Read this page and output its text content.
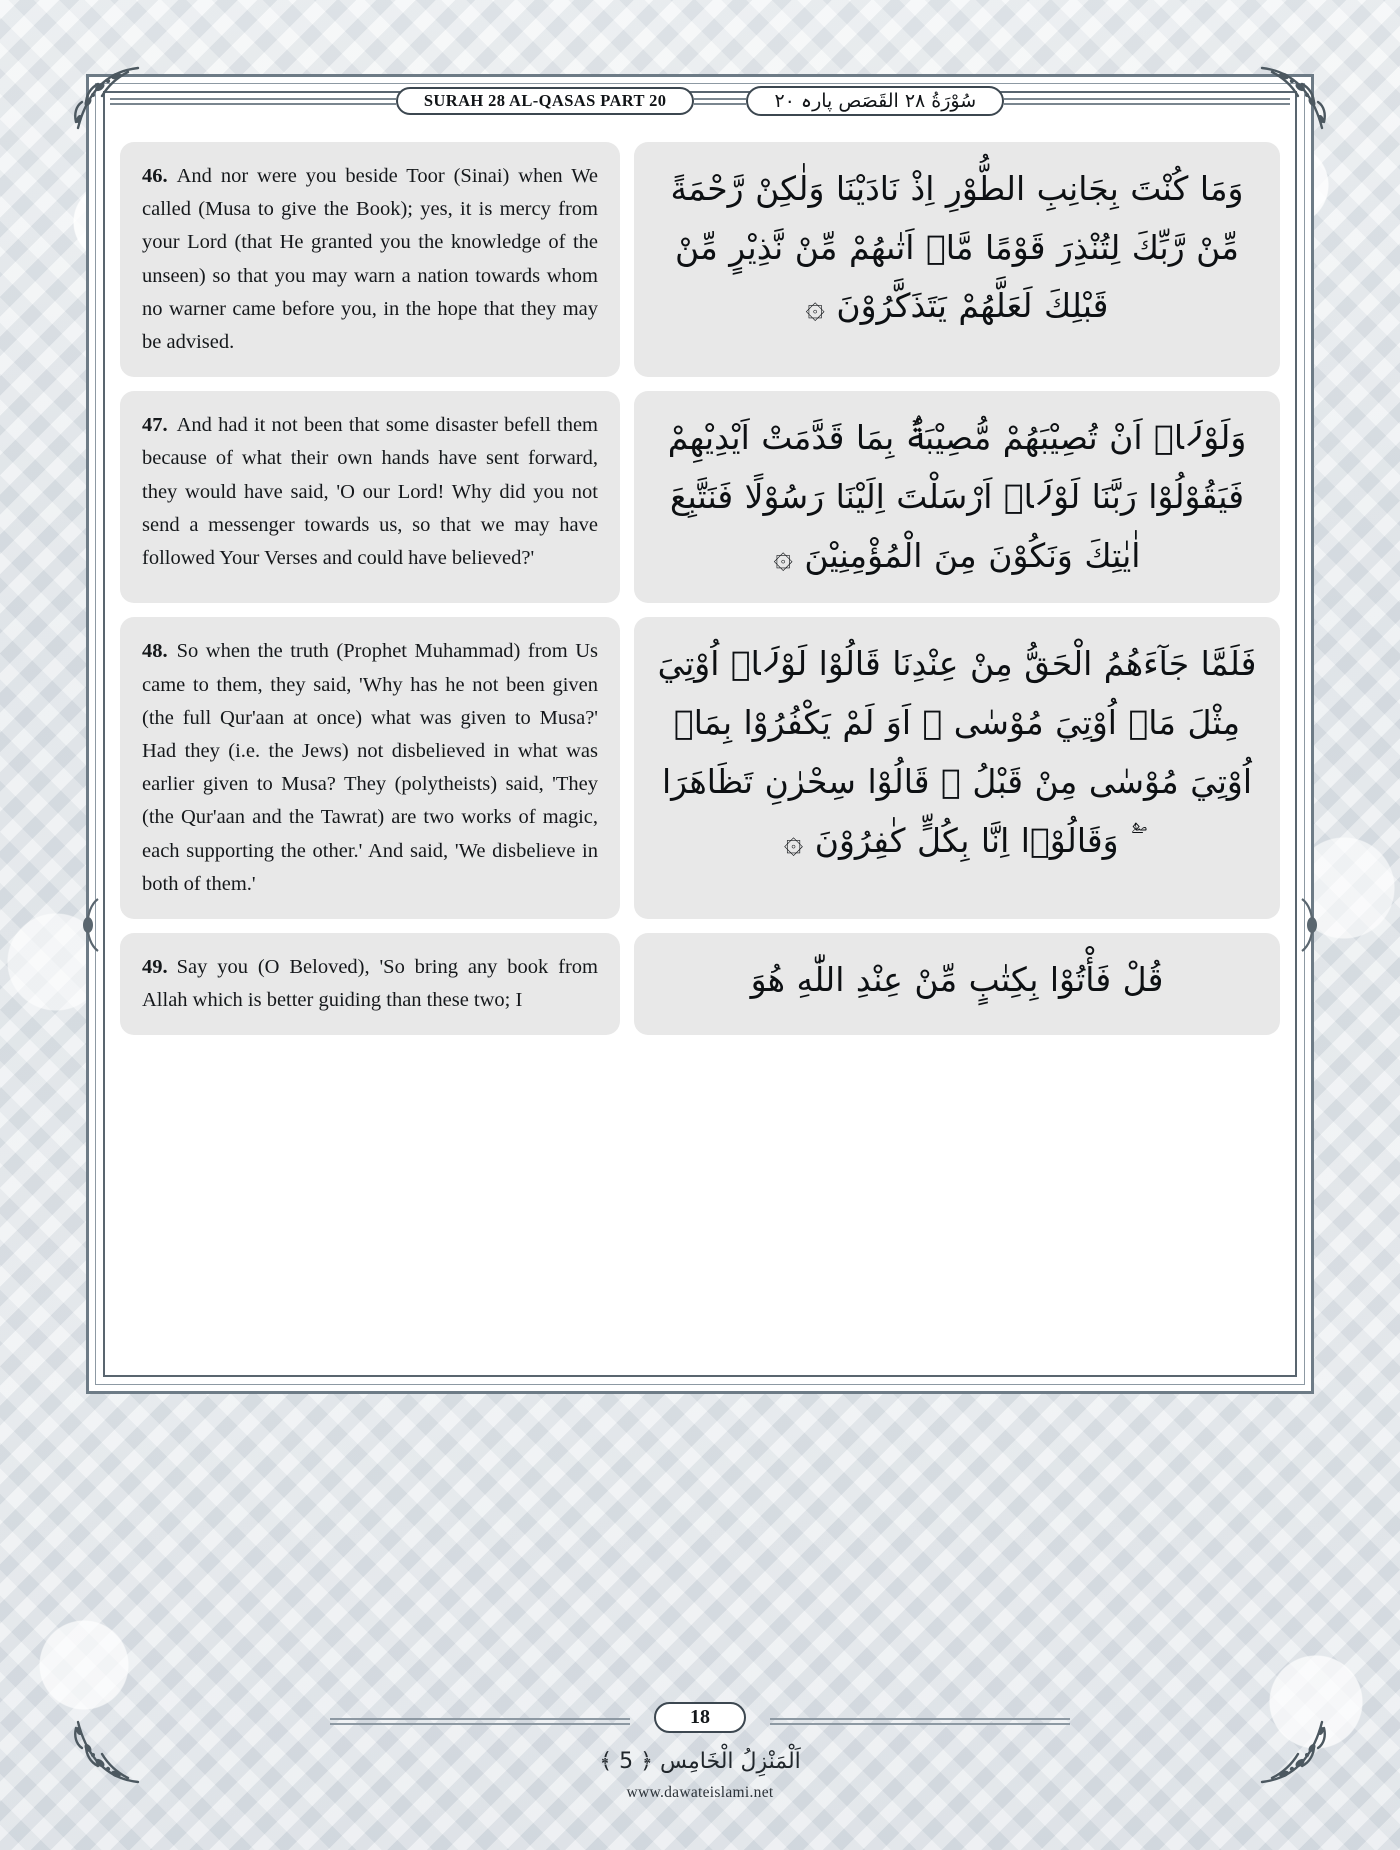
SURAH 28 AL-QASAS PART 20	سُوْرَةُ ٢٨ القَصَص پارہ ٢٠
46. And nor were you beside Toor (Sinai) when We called (Musa to give the Book); yes, it is mercy from your Lord (that He granted you the knowledge of the unseen) so that you may warn a nation towards whom no warner came before you, in the hope that they may be advised.
وَمَا كُنْتَ بِجَانِبِ الطُّوْرِ اِذْ نَادَيْنَا وَلٰكِنْ رَّحْمَةً مِّنْ رَّبِّكَ لِتُنْذِرَ قَوْمًا مَّاۤ اَتٰىهُمْ مِّنْ نَّذِيْرٍ مِّنْ قَبْلِكَ لَعَلَّهُمْ يَتَذَكَّرُوْنَ ۞
47. And had it not been that some disaster befell them because of what their own hands have sent forward, they would have said, 'O our Lord! Why did you not send a messenger towards us, so that we may have followed Your Verses and could have believed?'
وَلَوْلَاۤ اَنْ تُصِيْبَهُمْ مُّصِيْبَةٌۢ بِمَا قَدَّمَتْ اَيْدِيْهِمْ فَيَقُوْلُوْا رَبَّنَا لَوْلَاۤ اَرْسَلْتَ اِلَيْنَا رَسُوْلًا فَنَتَّبِعَ اٰيٰتِكَ وَنَكُوْنَ مِنَ الْمُؤْمِنِيْنَ ۞
48. So when the truth (Prophet Muhammad) from Us came to them, they said, 'Why has he not been given (the full Qur'aan at once) what was given to Musa?' Had they (i.e. the Jews) not disbelieved in what was earlier given to Musa? They (polytheists) said, 'They (the Qur'aan and the Tawrat) are two works of magic, each supporting the other.' And said, 'We disbelieve in both of them.'
فَلَمَّا جَآءَهُمُ الْحَقُّ مِنْ عِنْدِنَا قَالُوْا لَوْلَاۤ اُوْتِيَ مِثْلَ مَاۤ اُوْتِيَ مُوْسٰى ۚ اَوَ لَمْ يَكْفُرُوْا بِمَاۤ اُوْتِيَ مُوْسٰى مِنْ قَبْلُ ۚ قَالُوْا سِحْرٰنِ تَظَاهَرَا ۫ۖ وَقَالُوْۤا اِنَّا بِكُلٍّ كٰفِرُوْنَ ۞
49. Say you (O Beloved), 'So bring any book from Allah which is better guiding than these two; I
قُلْ فَأْتُوْا بِكِتٰبٍ مِّنْ عِنْدِ اللّٰهِ هُوَ
18
اَلْمَنْزِلُ الْخَامِس ﴿ 5 ﴾
www.dawateislami.net
